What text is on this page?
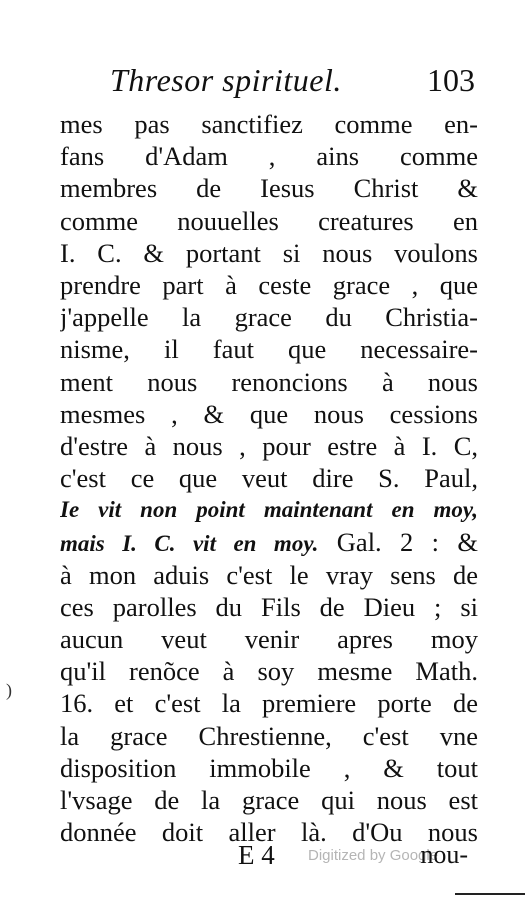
Thresor spirituel.	103
mes pas sanctifiez comme en-
fans d'Adam , ains comme
membres de Iesus Christ &
comme nouuelles creatures en
I. C. & portant si nous voulons
prendre part à ceste grace , que
j'appelle la grace du Christia-
nisme, il faut que necessaire-
ment nous renoncions à nous
mesmes , & que nous cessions
d'estre à nous , pour estre à I. C,
c'est ce que veut dire S. Paul,
Ie vit non point maintenant en moy,
mais I. C. vit en moy. Gal. 2 : &
à mon aduis c'est le vray sens de
ces parolles du Fils de Dieu ; si
aucun veut venir apres moy
qu'il renõce à soy mesme Math.
16. et c'est la premiere porte de
la grace Chrestienne, c'est vne
disposition immobile , & tout
l'vsage de la grace qui nous est
donnée doit aller là. d'Ou nous
E 4 Digitized by Google
nou-
)
